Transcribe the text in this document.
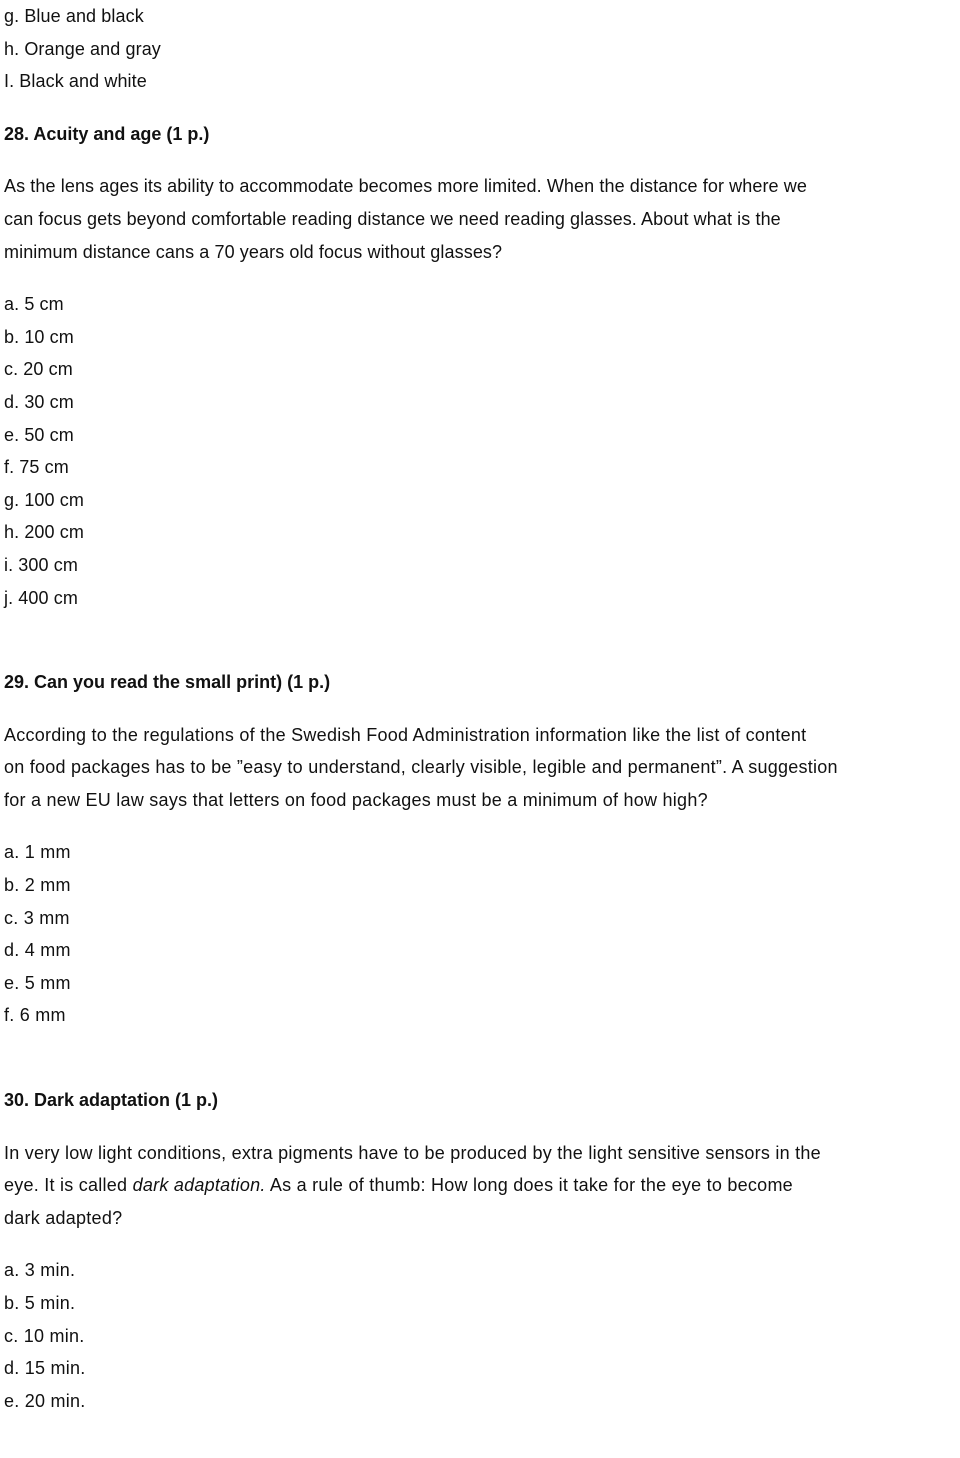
g. Blue and black
h. Orange and gray
I. Black and white
28. Acuity and age (1 p.)
As the lens ages its ability to accommodate becomes more limited. When the distance for where we
can focus gets beyond comfortable reading distance we need reading glasses. About what is the
minimum distance cans a 70 years old focus without glasses?
a. 5 cm
b. 10 cm
c. 20 cm
d. 30 cm
e. 50 cm
f. 75 cm
g. 100 cm
h. 200 cm
i. 300 cm
j. 400 cm
29. Can you read the small print) (1 p.)
According to the regulations of the Swedish Food Administration information like the list of content
on food packages has to be ”easy to understand, clearly visible, legible and permanent”. A suggestion
for a new EU law says that letters on food packages must be a minimum of how high?
a. 1 mm
b. 2 mm
c. 3 mm
d. 4 mm
e. 5 mm
f. 6 mm
30. Dark adaptation (1 p.)
In very low light conditions, extra pigments have to be produced by the light sensitive sensors in the
eye. It is called dark adaptation. As a rule of thumb: How long does it take for the eye to become
dark adapted?
a. 3 min.
b. 5 min.
c. 10 min.
d. 15 min.
e. 20 min.
